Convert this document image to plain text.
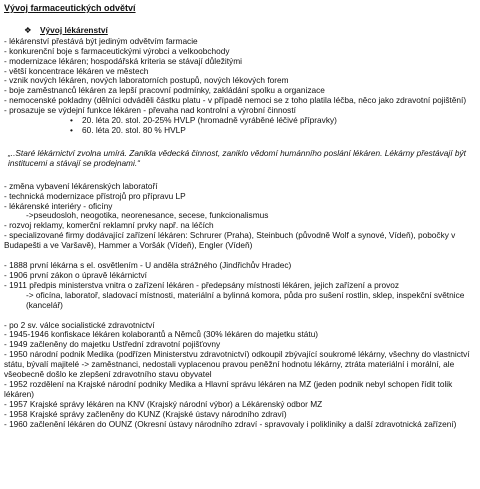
Vývoj farmaceutických odvětví
❖ Vývoj lékárenství
- lékárenství přestává být jediným odvětvím farmacie
- konkurenční boje s farmaceutickými výrobci a velkoobchody
- modernizace lékáren; hospodářská kriteria se stávají důležitými
- větší koncentrace lékáren ve městech
- vznik nových lékáren, nových laboratorních postupů, nových lékových forem
- boje zaměstnanců lékáren za lepší pracovní podmínky, zakládání spolku a organizace
- nemocenské pokladny (dělníci odváděli částku platu - v případě nemoci se z toho platila léčba, něco jako zdravotní pojištění)
- prosazuje se výdejní funkce lékáren - převaha nad kontrolní a výrobní činností
• 20. léta 20. stol. 20-25% HVLP (hromadně vyráběné léčivé přípravky)
• 60. léta 20. stol. 80 % HVLP
„..Staré lékárnictví zvolna umírá. Zanikla vědecká činnost, zaniklo vědomí humánního poslání lékáren. Lékárny přestávají být institucemi a stávají se prodejnami.“
- změna vybavení lékárenských laboratoří
- technická modernizace přístrojů pro přípravu LP
- lékárenské interiéry - oficíny
->pseudosloh, neogotika, neorenesance, secese, funkcionalismus
- rozvoj reklamy, komerční reklamní prvky např. na léčích
- specializované firmy dodávající zařízení lékáren: Schrurer (Praha), Steinbuch (původně Wolf a synové, Vídeň), pobočky v Budapešti a ve Varšavě), Hammer a Voršák (Vídeň), Engler (Vídeň)
- 1888 první lékárna s el. osvětlením - U anděla strážného (Jindřichův Hradec)
- 1906 první zákon o úpravě lékárnictví
- 1911 předpis ministerstva vnitra o zařízení lékáren - předepsány místnosti lékáren, jejich zařízení a provoz
-> oficína, laboratoř, sladovací místnosti, materiální a bylinná komora, půda pro sušení rostlin, sklep, inspekční světnice (kancelář)
- po 2 sv. válce socialistické zdravotnictví
- 1945-1946 konfiskace lékáren kolaborantů a Němců (30% lékáren do majetku státu)
- 1949 začleněny do majetku Ustřední zdravotní pojišťovny
- 1950 národní podnik Medika (podřízen Ministerstvu zdravotnictví) odkoupil zbývající soukromé lékárny, všechny do vlastnictví státu, bývalí majitelé -> zaměstnanci, nedostali vyplacenou pravou peněžní hodnotu lékárny, ztráta materiální i morální, ale všeobecně došlo ke zlepšení zdravotního stavu obyvatel
- 1952 rozdělení na Krajské národní podniky Medika a Hlavní správu lékáren na MZ (jeden podnik nebyl schopen řídit tolik lékáren)
- 1957 Krajské správy lékáren na KNV (Krajský národní výbor) a Lékárenský odbor MZ
- 1958 Krajské správy začleněny do KUNZ (Krajské ústavy národního zdraví)
- 1960 začlenění lékáren do OUNZ (Okresní ústavy národního zdraví - spravovaly i polikliniky a další zdravotnická zařízení)
